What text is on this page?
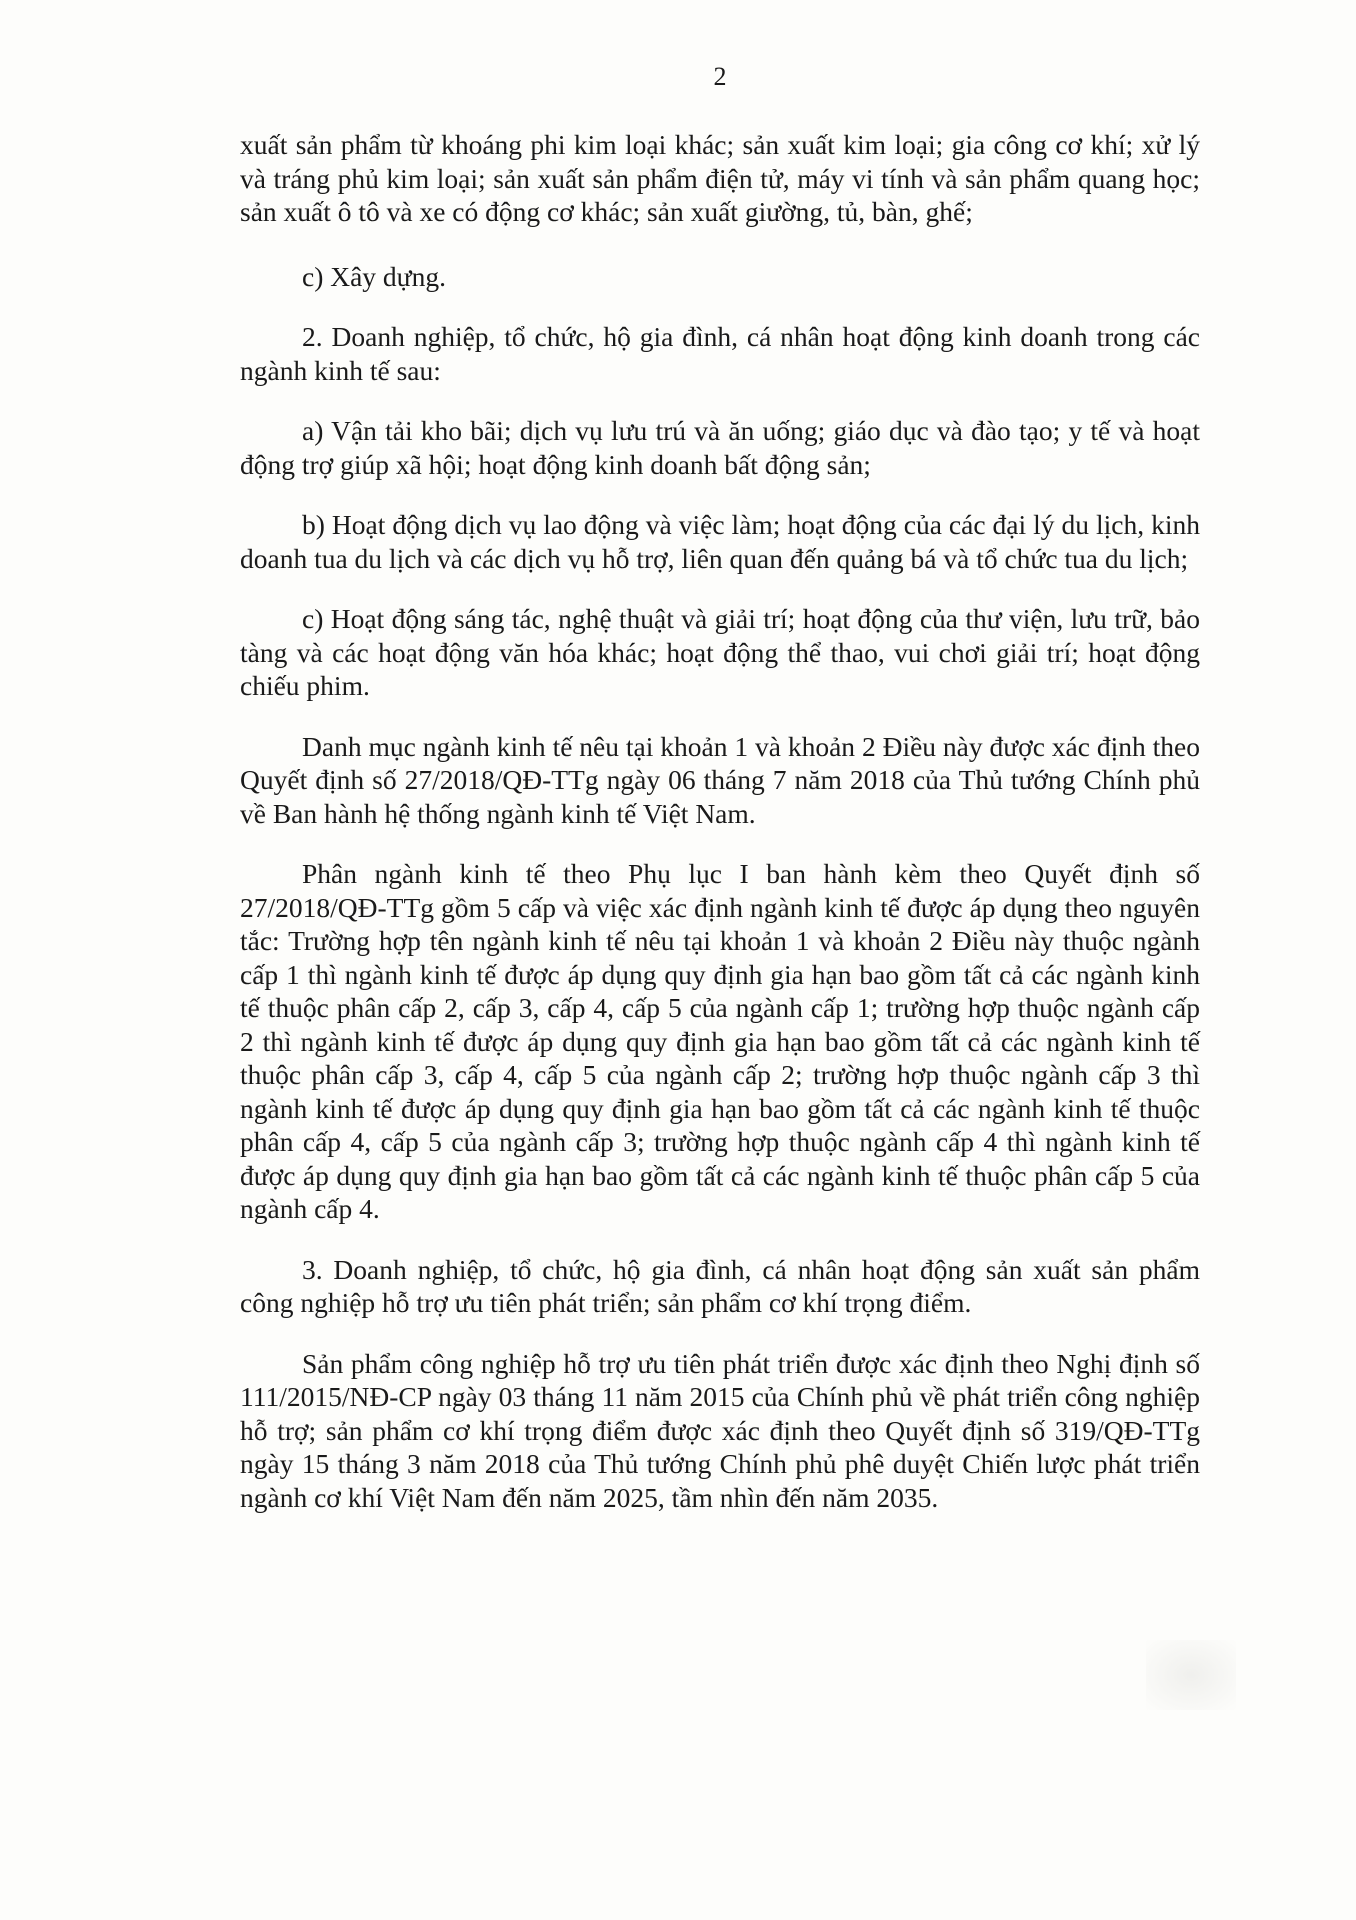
2

xuất sản phẩm từ khoáng phi kim loại khác; sản xuất kim loại; gia công cơ khí; xử lý và tráng phủ kim loại; sản xuất sản phẩm điện tử, máy vi tính và sản phẩm quang học; sản xuất ô tô và xe có động cơ khác; sản xuất giường, tủ, bàn, ghế;

c) Xây dựng.

2. Doanh nghiệp, tổ chức, hộ gia đình, cá nhân hoạt động kinh doanh trong các ngành kinh tế sau:

a) Vận tải kho bãi; dịch vụ lưu trú và ăn uống; giáo dục và đào tạo; y tế và hoạt động trợ giúp xã hội; hoạt động kinh doanh bất động sản;

b) Hoạt động dịch vụ lao động và việc làm; hoạt động của các đại lý du lịch, kinh doanh tua du lịch và các dịch vụ hỗ trợ, liên quan đến quảng bá và tổ chức tua du lịch;

c) Hoạt động sáng tác, nghệ thuật và giải trí; hoạt động của thư viện, lưu trữ, bảo tàng và các hoạt động văn hóa khác; hoạt động thể thao, vui chơi giải trí; hoạt động chiếu phim.

Danh mục ngành kinh tế nêu tại khoản 1 và khoản 2 Điều này được xác định theo Quyết định số 27/2018/QĐ-TTg ngày 06 tháng 7 năm 2018 của Thủ tướng Chính phủ về Ban hành hệ thống ngành kinh tế Việt Nam.

Phân ngành kinh tế theo Phụ lục I ban hành kèm theo Quyết định số 27/2018/QĐ-TTg gồm 5 cấp và việc xác định ngành kinh tế được áp dụng theo nguyên tắc: Trường hợp tên ngành kinh tế nêu tại khoản 1 và khoản 2 Điều này thuộc ngành cấp 1 thì ngành kinh tế được áp dụng quy định gia hạn bao gồm tất cả các ngành kinh tế thuộc phân cấp 2, cấp 3, cấp 4, cấp 5 của ngành cấp 1; trường hợp thuộc ngành cấp 2 thì ngành kinh tế được áp dụng quy định gia hạn bao gồm tất cả các ngành kinh tế thuộc phân cấp 3, cấp 4, cấp 5 của ngành cấp 2; trường hợp thuộc ngành cấp 3 thì ngành kinh tế được áp dụng quy định gia hạn bao gồm tất cả các ngành kinh tế thuộc phân cấp 4, cấp 5 của ngành cấp 3; trường hợp thuộc ngành cấp 4 thì ngành kinh tế được áp dụng quy định gia hạn bao gồm tất cả các ngành kinh tế thuộc phân cấp 5 của ngành cấp 4.

3. Doanh nghiệp, tổ chức, hộ gia đình, cá nhân hoạt động sản xuất sản phẩm công nghiệp hỗ trợ ưu tiên phát triển; sản phẩm cơ khí trọng điểm.

Sản phẩm công nghiệp hỗ trợ ưu tiên phát triển được xác định theo Nghị định số 111/2015/NĐ-CP ngày 03 tháng 11 năm 2015 của Chính phủ về phát triển công nghiệp hỗ trợ; sản phẩm cơ khí trọng điểm được xác định theo Quyết định số 319/QĐ-TTg ngày 15 tháng 3 năm 2018 của Thủ tướng Chính phủ phê duyệt Chiến lược phát triển ngành cơ khí Việt Nam đến năm 2025, tầm nhìn đến năm 2035.
